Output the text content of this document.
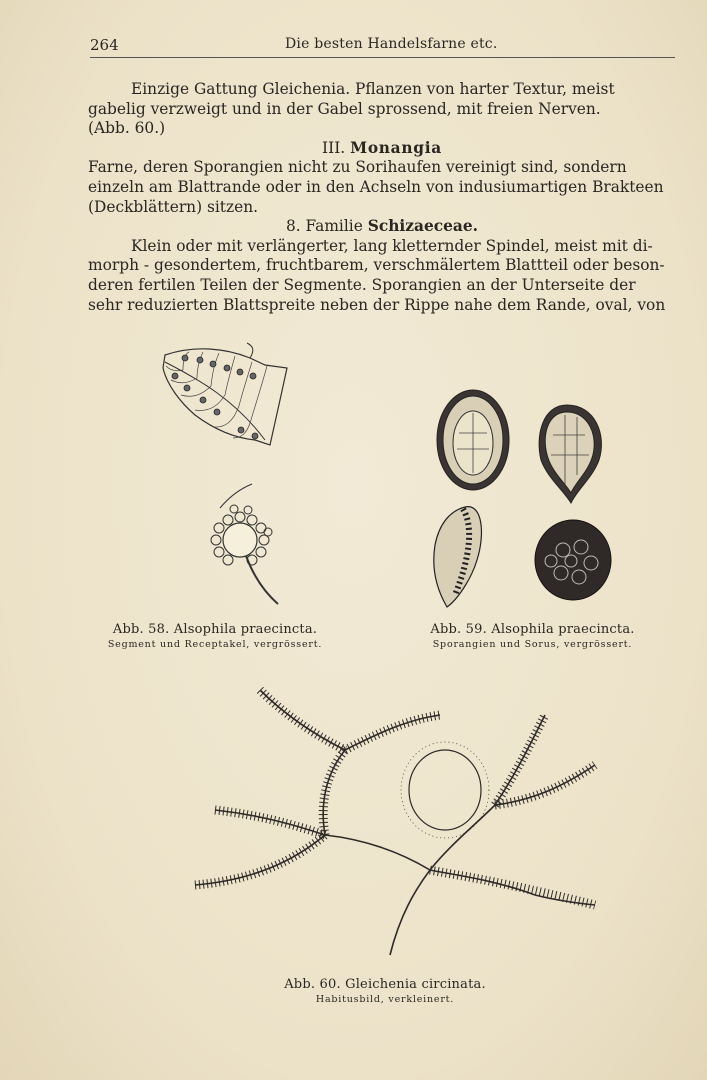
264	Die besten Handelsfarne etc.

Einzige Gattung Gleichenia. Pflanzen von harter Textur, meist

gabelig verzweigt und in der Gabel sprossend, mit freien Nerven.

(Abb. 60.)

III. Monangia

Farne, deren Sporangien nicht zu Sorihaufen vereinigt sind, sondern

einzeln am Blattrande oder in den Achseln von indusiumartigen Brakteen

(Deckblättern) sitzen.

8. Familie Schizaeceae.

Klein oder mit verlängerter, lang kletternder Spindel, meist mit di-

morph - gesondertem, fruchtbarem, verschmälertem Blattteil oder beson-

deren fertilen Teilen der Segmente. Sporangien an der Unterseite der

sehr reduzierten Blattspreite neben der Rippe nahe dem Rande, oval, von

Abb. 58. Alsophila praecincta.
Segment und Receptakel, vergrössert.
Abb. 59. Alsophila praecincta.
Sporangien und Sorus, vergrössert.
Abb. 60. Gleichenia circinata.
Habitusbild, verkleinert.
